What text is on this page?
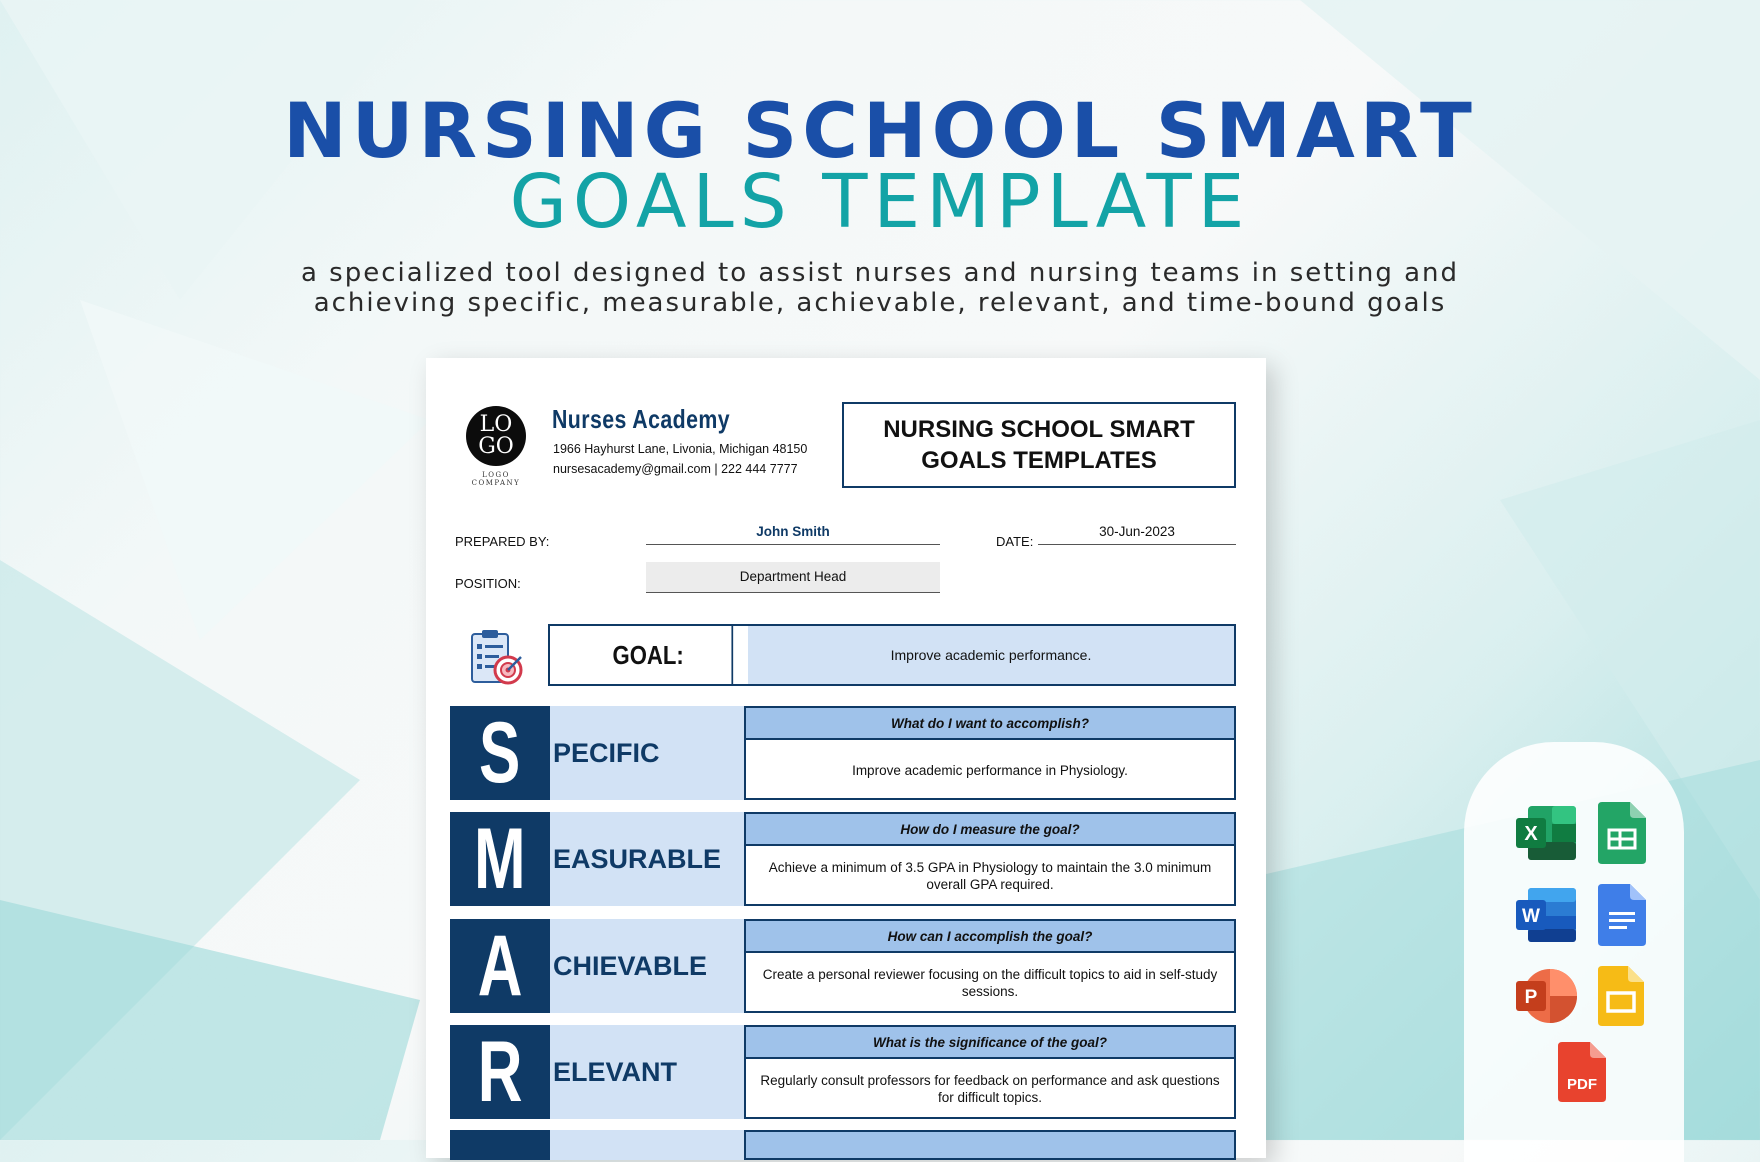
NURSING SCHOOL SMART
GOALS TEMPLATE
a specialized tool designed to assist nurses and nursing teams in setting and
achieving specific, measurable, achievable, relevant, and time-bound goals
LO
GO
LOGO COMPANY
Nurses Academy
1966 Hayhurst Lane, Livonia, Michigan 48150
nursesacademy@gmail.com | 222 444 7777
NURSING SCHOOL SMART
GOALS TEMPLATES
PREPARED BY:
John Smith
DATE:
30-Jun-2023
POSITION:	Department Head
GOAL:	Improve academic performance.
S PECIFIC
What do I want to accomplish?
Improve academic performance in Physiology.
M EASURABLE
How do I measure the goal?
Achieve a minimum of 3.5 GPA in Physiology to maintain the 3.0 minimum overall GPA required.
A CHIEVABLE
How can I accomplish the goal?
Create a personal reviewer focusing on the difficult topics to aid in self-study sessions.
R ELEVANT
What is the significance of the goal?
Regularly consult professors for feedback on performance and ask questions for difficult topics.
X
W
P
PDF
